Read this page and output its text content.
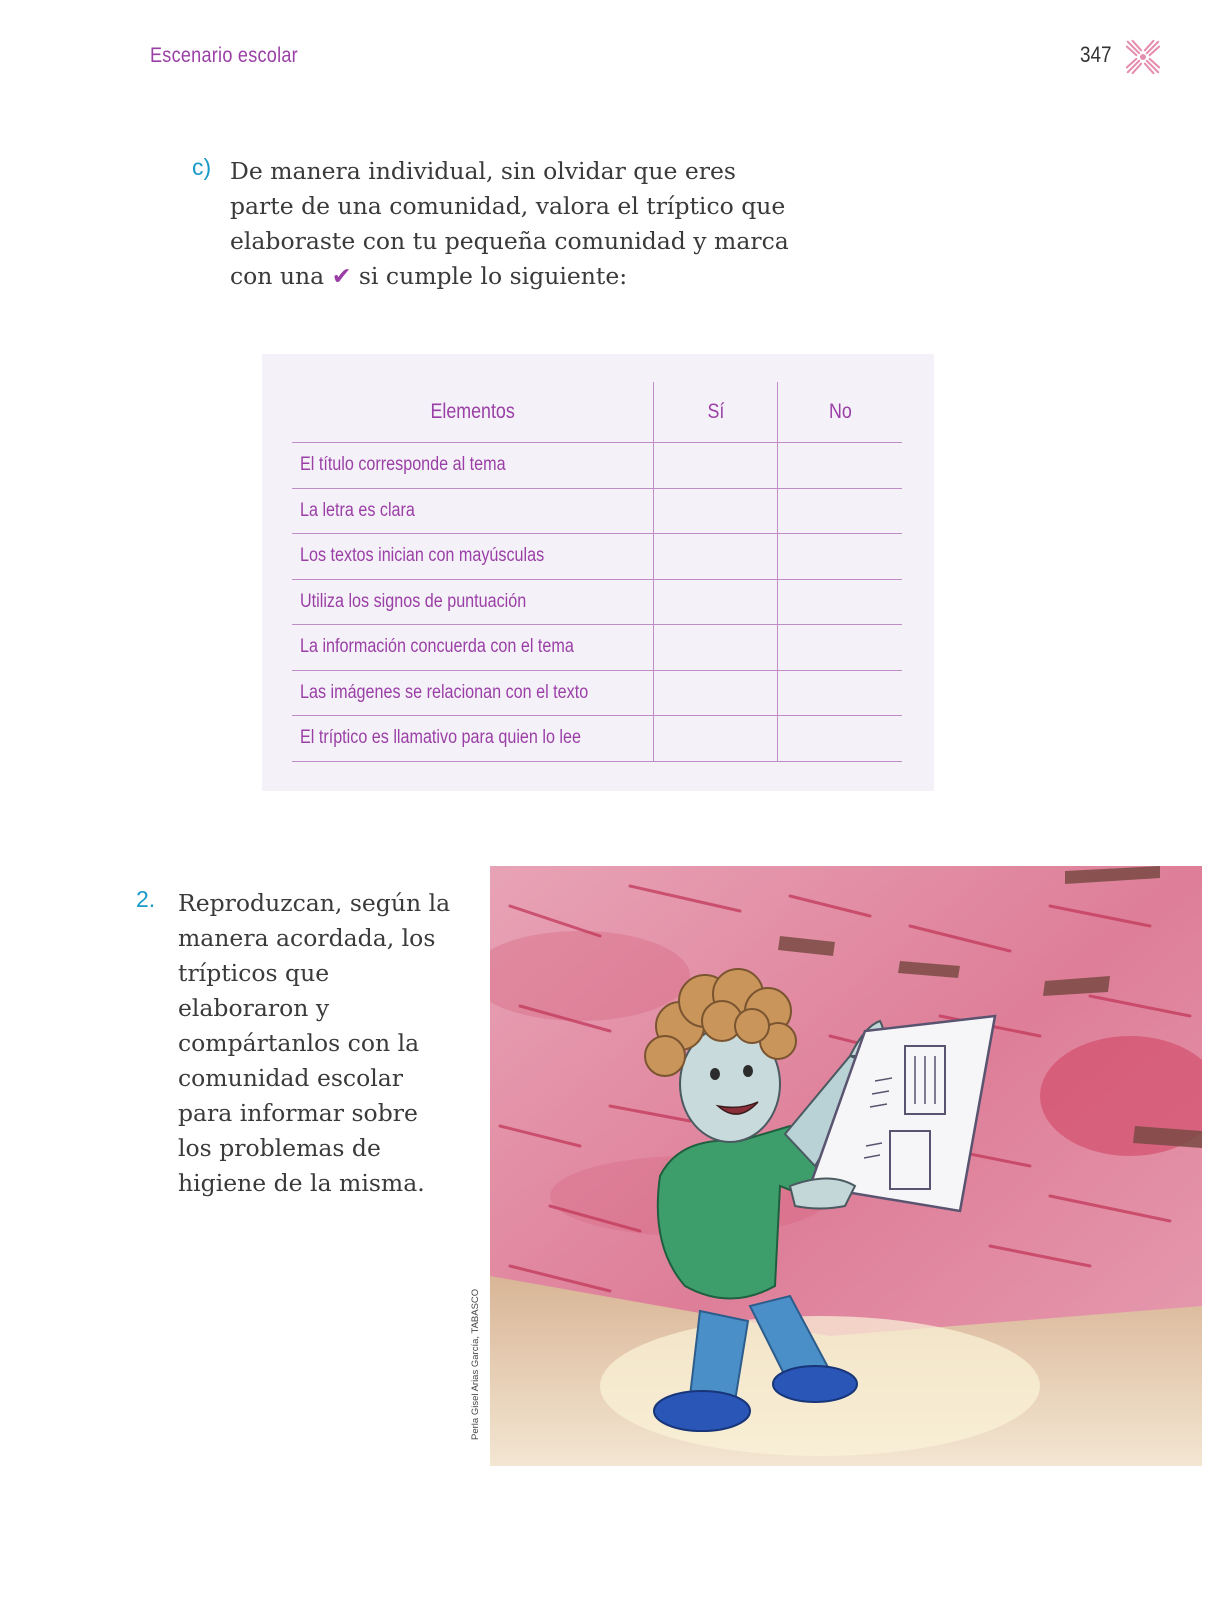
Escenario escolar	347
c) De manera individual, sin olvidar que eres parte de una comunidad, valora el tríptico que elaboraste con tu pequeña comunidad y marca con una ✔ si cumple lo siguiente:
Elementos	Sí	No
El título corresponde al tema		
La letra es clara		
Los textos inician con mayúsculas		
Utiliza los signos de puntuación		
La información concuerda con el tema		
Las imágenes se relacionan con el texto		
El tríptico es llamativo para quien lo lee		
2. Reproduzcan, según la manera acordada, los trípticos que elaboraron y compártanlos con la comunidad escolar para informar sobre los problemas de higiene de la misma.
Perla Gisel Arias García, TABASCO
